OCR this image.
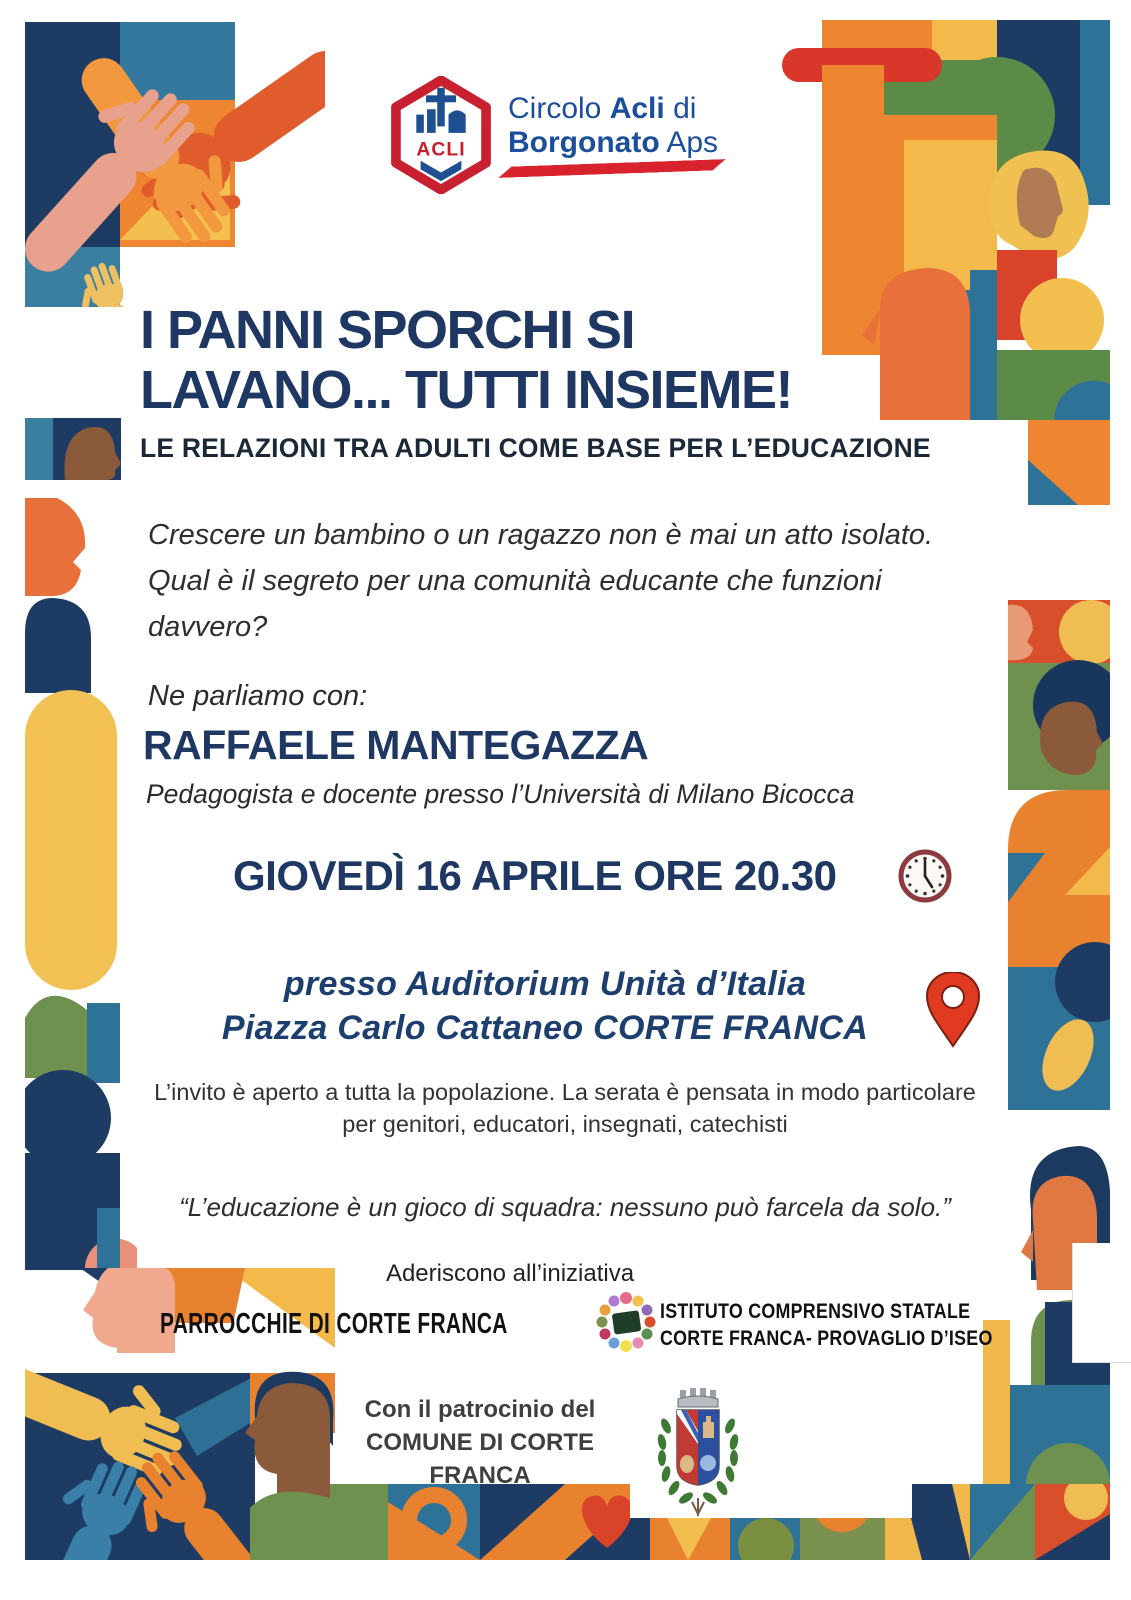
ACLI
Circolo Acli di
Borgonato Aps
I PANNI SPORCHI SI
LAVANO... TUTTI INSIEME!
LE RELAZIONI TRA ADULTI COME BASE PER L’EDUCAZIONE
Crescere un bambino o un ragazzo non è mai un atto isolato.
Qual è il segreto per una comunità educante che funzioni
davvero?
Ne parliamo con:
RAFFAELE MANTEGAZZA
Pedagogista e docente presso l’Università di Milano Bicocca
GIOVEDÌ 16 APRILE ORE 20.30
presso Auditorium Unità d’Italia
Piazza Carlo Cattaneo CORTE FRANCA
L’invito è aperto a tutta la popolazione. La serata è pensata in modo particolare
per genitori, educatori, insegnati, catechisti
“L’educazione è un gioco di squadra: nessuno può farcela da solo.”
Aderiscono all’iniziativa
PARROCCHIE DI CORTE FRANCA	ISTITUTO COMPRENSIVO STATALE
CORTE FRANCA- PROVAGLIO D’ISEO
Con il patrocinio del
COMUNE DI CORTE FRANCA
